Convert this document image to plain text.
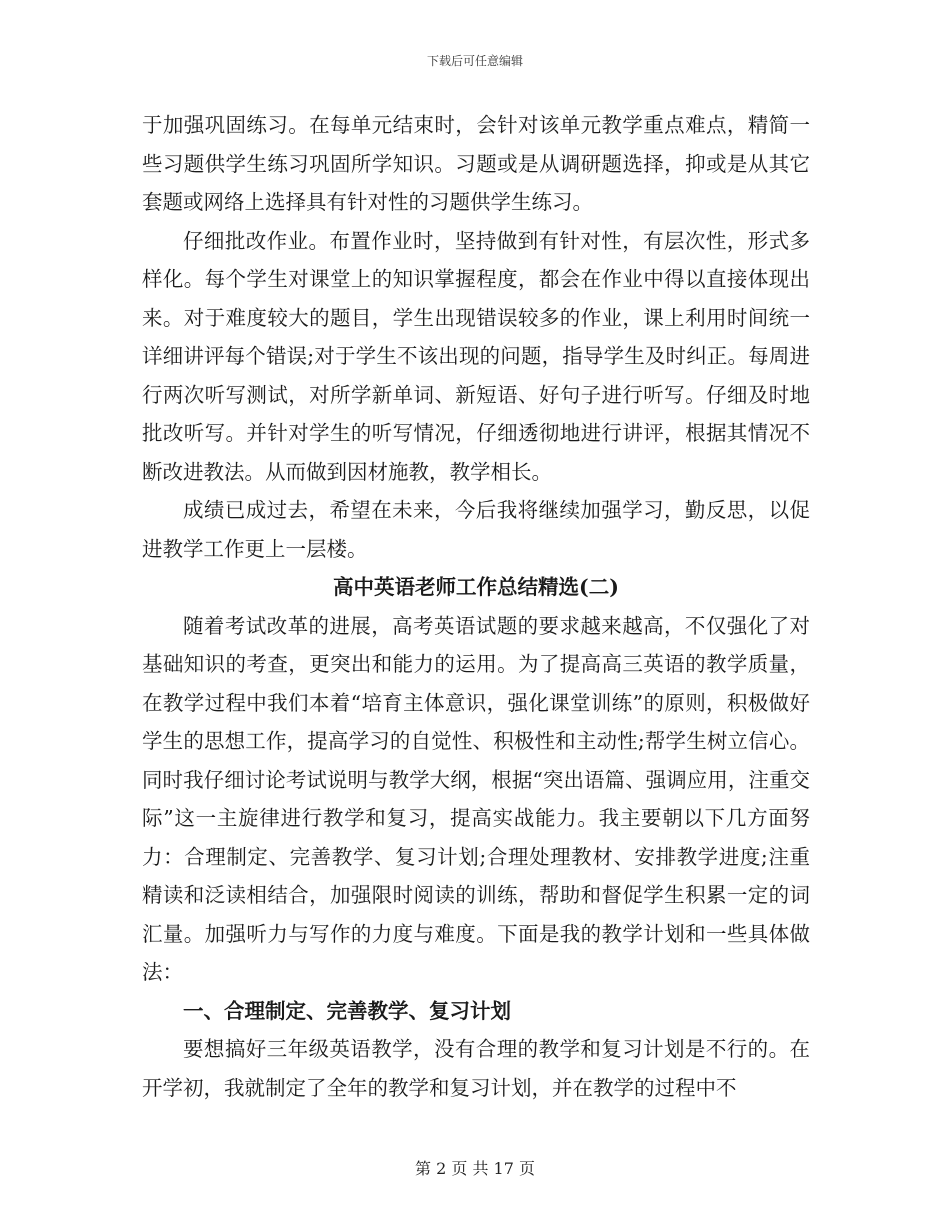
下载后可任意编辑

于加强巩固练习。在每单元结束时，会针对该单元教学重点难点，精简一些习题供学生练习巩固所学知识。习题或是从调研题选择，抑或是从其它套题或网络上选择具有针对性的习题供学生练习。

仔细批改作业。布置作业时，坚持做到有针对性，有层次性，形式多样化。每个学生对课堂上的知识掌握程度，都会在作业中得以直接体现出来。对于难度较大的题目，学生出现错误较多的作业，课上利用时间统一详细讲评每个错误;对于学生不该出现的问题，指导学生及时纠正。每周进行两次听写测试，对所学新单词、新短语、好句子进行听写。仔细及时地批改听写。并针对学生的听写情况，仔细透彻地进行讲评，根据其情况不断改进教法。从而做到因材施教，教学相长。

成绩已成过去，希望在未来，今后我将继续加强学习，勤反思，以促进教学工作更上一层楼。

高中英语老师工作总结精选(二)

随着考试改革的进展，高考英语试题的要求越来越高，不仅强化了对基础知识的考查，更突出和能力的运用。为了提高高三英语的教学质量，在教学过程中我们本着“培育主体意识，强化课堂训练”的原则，积极做好学生的思想工作，提高学习的自觉性、积极性和主动性;帮学生树立信心。同时我仔细讨论考试说明与教学大纲，根据“突出语篇、强调应用，注重交际”这一主旋律进行教学和复习，提高实战能力。我主要朝以下几方面努力：合理制定、完善教学、复习计划;合理处理教材、安排教学进度;注重精读和泛读相结合，加强限时阅读的训练，帮助和督促学生积累一定的词汇量。加强听力与写作的力度与难度。下面是我的教学计划和一些具体做法：

一、合理制定、完善教学、复习计划

要想搞好三年级英语教学，没有合理的教学和复习计划是不行的。在开学初，我就制定了全年的教学和复习计划，并在教学的过程中不

第 2 页 共 17 页
